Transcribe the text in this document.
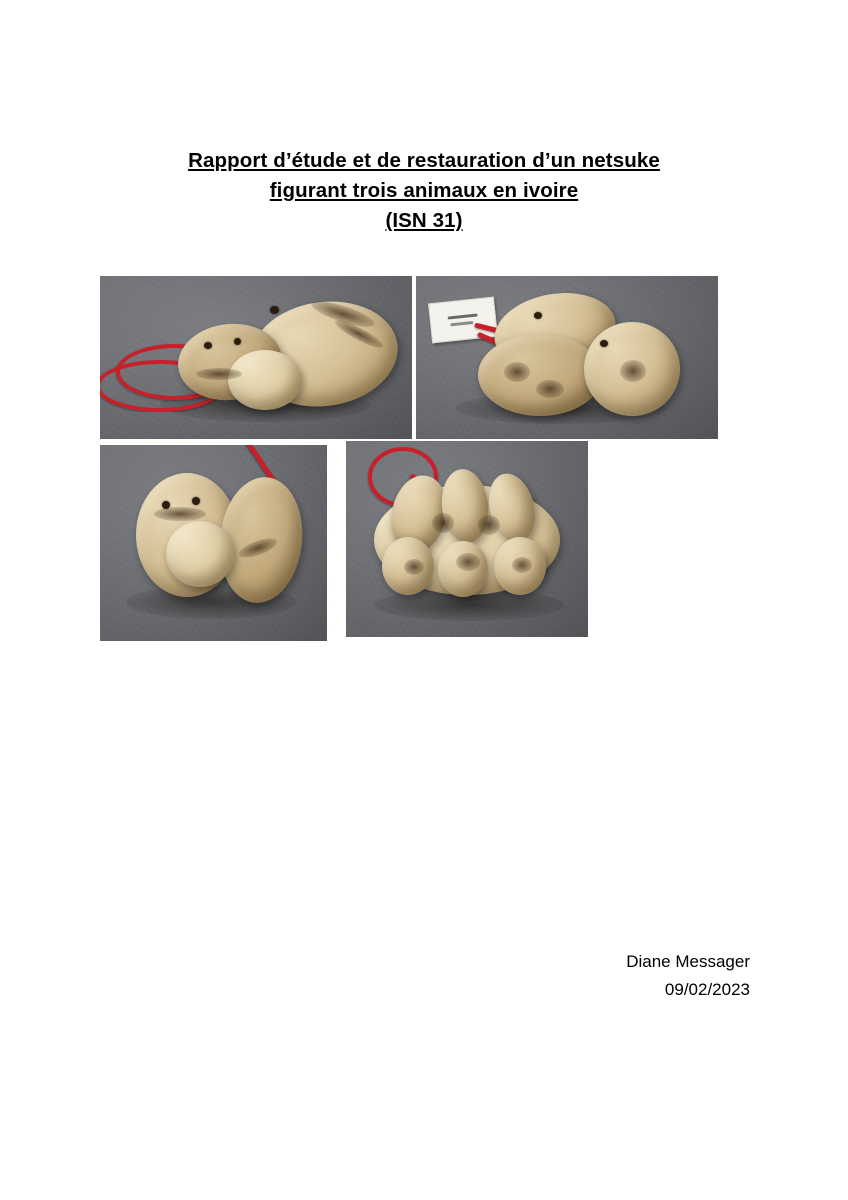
Rapport d’étude et de restauration d’un netsuke
figurant trois animaux en ivoire
(ISN 31)
Diane Messager
09/02/2023
